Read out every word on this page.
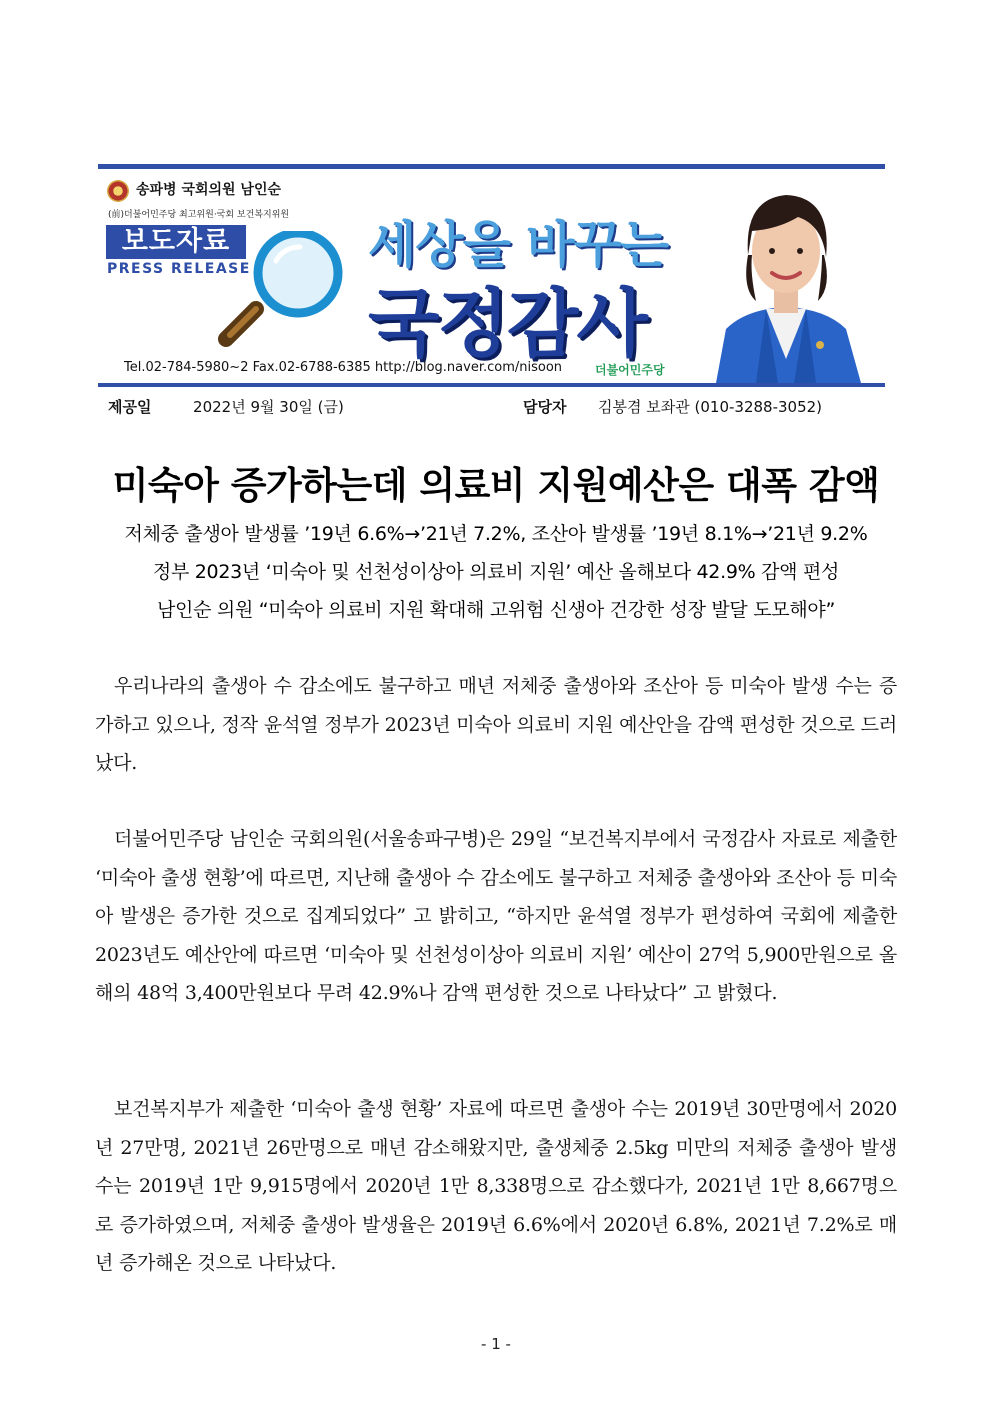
송파병 국회의원 남인순
(前)더불어민주당 최고위원·국회 보건복지위원
보도자료
PRESS RELEASE 세상을 바꾸는
국정감사
Tel.02-784-5980~2 Fax.02-6788-6385 http://blog.naver.com/nisoon	더불어민주당
제공일	2022년 9월 30일 (금)	담당자 김봉겸 보좌관 (010-3288-3052)
미숙아 증가하는데 의료비 지원예산은 대폭 감액
저체중 출생아 발생률 ’19년 6.6%→’21년 7.2%, 조산아 발생률 ’19년 8.1%→’21년 9.2%
정부 2023년 ‘미숙아 및 선천성이상아 의료비 지원’ 예산 올해보다 42.9% 감액 편성
남인순 의원 “미숙아 의료비 지원 확대해 고위험 신생아 건강한 성장 발달 도모해야”

우리나라의 출생아 수 감소에도 불구하고 매년 저체중 출생아와 조산아 등 미숙아 발생 수는 증가하고 있으나, 정작 윤석열 정부가 2023년 미숙아 의료비 지원 예산안을 감액 편성한 것으로 드러났다.

더불어민주당 남인순 국회의원(서울송파구병)은 29일 “보건복지부에서 국정감사 자료로 제출한 ‘미숙아 출생 현황’에 따르면, 지난해 출생아 수 감소에도 불구하고 저체중 출생아와 조산아 등 미숙아 발생은 증가한 것으로 집계되었다” 고 밝히고, “하지만 윤석열 정부가 편성하여 국회에 제출한 2023년도 예산안에 따르면 ‘미숙아 및 선천성이상아 의료비 지원’ 예산이 27억 5,900만원으로 올해의 48억 3,400만원보다 무려 42.9%나 감액 편성한 것으로 나타났다” 고 밝혔다.

보건복지부가 제출한 ‘미숙아 출생 현황’ 자료에 따르면 출생아 수는 2019년 30만명에서 2020년 27만명, 2021년 26만명으로 매년 감소해왔지만, 출생체중 2.5kg 미만의 저체중 출생아 발생 수는 2019년 1만 9,915명에서 2020년 1만 8,338명으로 감소했다가, 2021년 1만 8,667명으로 증가하였으며, 저체중 출생아 발생율은 2019년 6.6%에서 2020년 6.8%, 2021년 7.2%로 매년 증가해온 것으로 나타났다.

- 1 -
